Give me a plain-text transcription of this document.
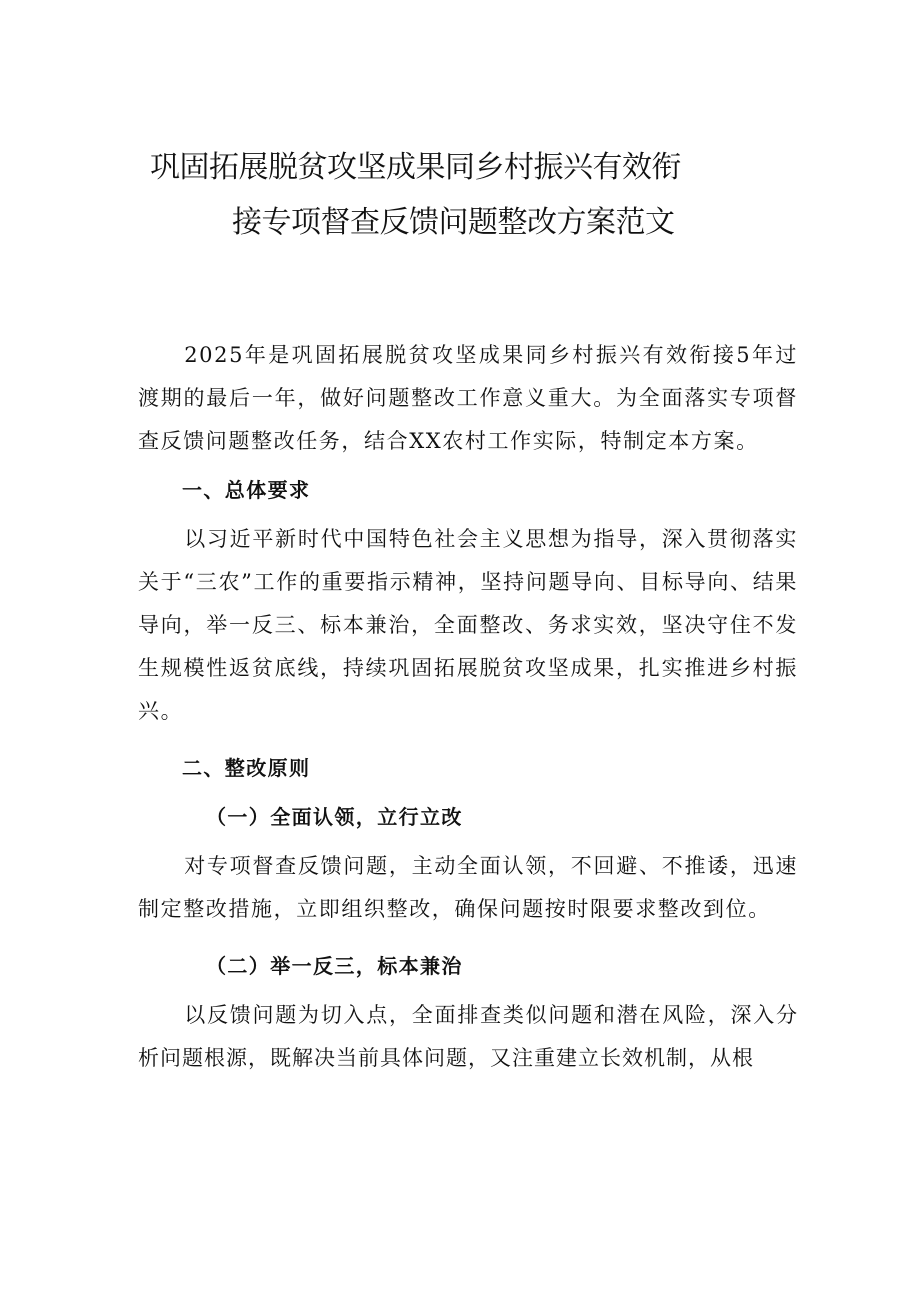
巩固拓展脱贫攻坚成果同乡村振兴有效衔
接专项督查反馈问题整改方案范文

2025年是巩固拓展脱贫攻坚成果同乡村振兴有效衔接5年过渡期的最后一年，做好问题整改工作意义重大。为全面落实专项督查反馈问题整改任务，结合XX农村工作实际，特制定本方案。

一、总体要求

以习近平新时代中国特色社会主义思想为指导，深入贯彻落实关于“三农”工作的重要指示精神，坚持问题导向、目标导向、结果导向，举一反三、标本兼治，全面整改、务求实效，坚决守住不发生规模性返贫底线，持续巩固拓展脱贫攻坚成果，扎实推进乡村振兴。

二、整改原则

（一）全面认领，立行立改

对专项督查反馈问题，主动全面认领，不回避、不推诿，迅速制定整改措施，立即组织整改，确保问题按时限要求整改到位。

（二）举一反三，标本兼治

以反馈问题为切入点，全面排查类似问题和潜在风险，深入分析问题根源，既解决当前具体问题，又注重建立长效机制，从根
